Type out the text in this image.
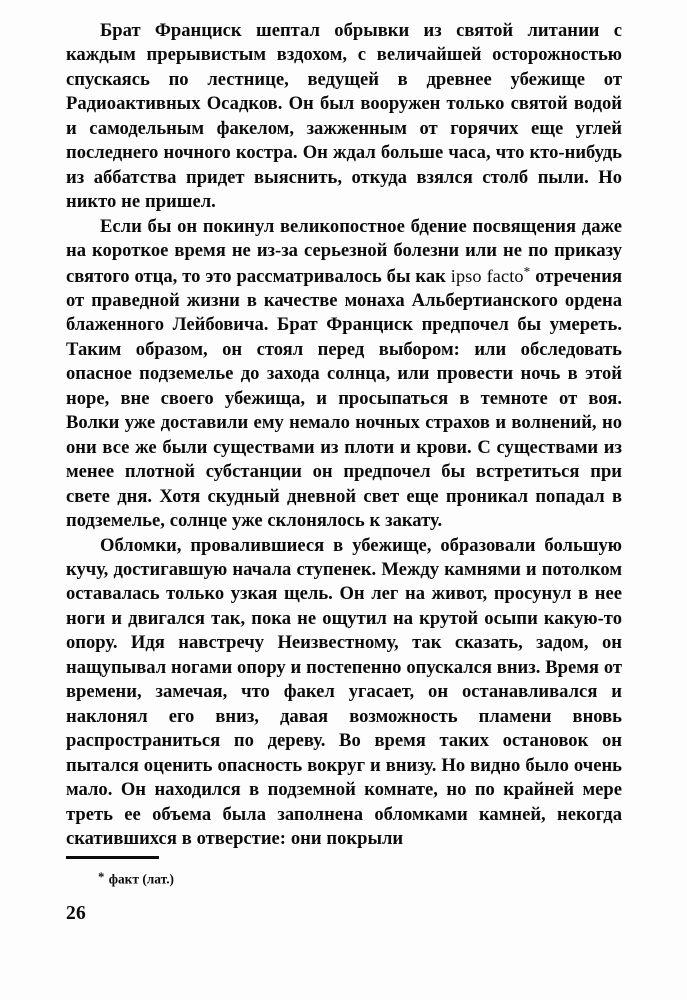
Брат Франциск шептал обрывки из святой литании с каждым прерывистым вздохом, с величайшей осторожностью спускаясь по лестнице, ведущей в древнее убежище от Радиоактивных Осадков. Он был вооружен только святой водой и самодельным факелом, зажженным от горячих еще углей последнего ночного костра. Он ждал больше часа, что кто-нибудь из аббатства придет выяснить, откуда взялся столб пыли. Но никто не пришел.

Если бы он покинул великопостное бдение посвящения даже на короткое время не из-за серьезной болезни или не по приказу святого отца, то это рассматривалось бы как ipso facto* отречения от праведной жизни в качестве монаха Альбертианского ордена блаженного Лейбовича. Брат Франциск предпочел бы умереть. Таким образом, он стоял перед выбором: или обследовать опасное подземелье до захода солнца, или провести ночь в этой норе, вне своего убежища, и просыпаться в темноте от воя. Волки уже доставили ему немало ночных страхов и волнений, но они все же были существами из плоти и крови. С существами из менее плотной субстанции он предпочел бы встретиться при свете дня. Хотя скудный дневной свет еще проникал попадал в подземелье, солнце уже склонялось к закату.

Обломки, провалившиеся в убежище, образовали большую кучу, достигавшую начала ступенек. Между камнями и потолком оставалась только узкая щель. Он лег на живот, просунул в нее ноги и двигался так, пока не ощутил на крутой осыпи какую-то опору. Идя навстречу Неизвестному, так сказать, задом, он нащупывал ногами опору и постепенно опускался вниз. Время от времени, замечая, что факел угасает, он останавливался и наклонял его вниз, давая возможность пламени вновь распространиться по дереву. Во время таких остановок он пытался оценить опасность вокруг и внизу. Но видно было очень мало. Он находился в подземной комнате, но по крайней мере треть ее объема была заполнена обломками камней, некогда скатившихся в отверстие: они покрыли

* факт (лат.)

26
